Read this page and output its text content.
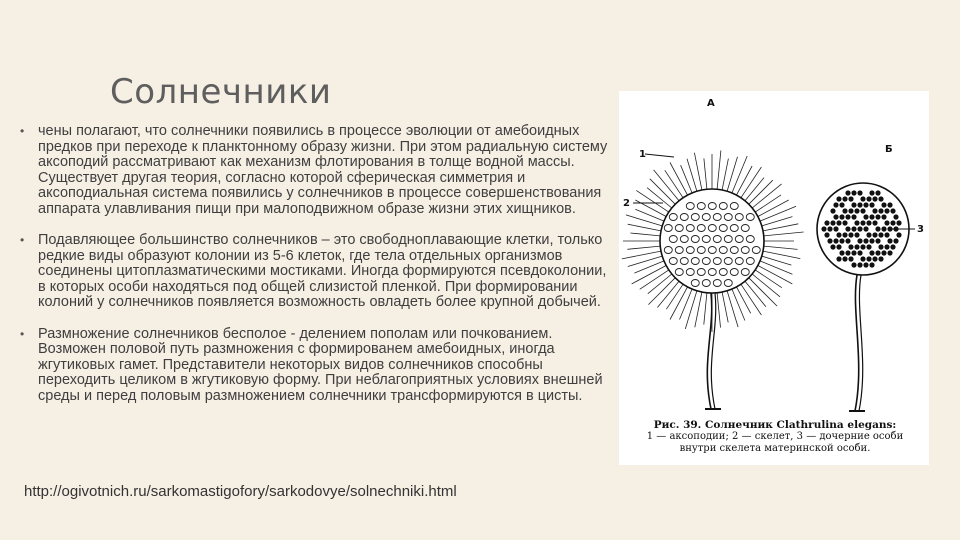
Солнечники
• чены полагают, что солнечники появились в процессе эволюции от амебоидных предков при переходе к планктонному образу жизни. При этом радиальную систему аксоподий рассматривают как механизм флотирования в толще водной массы. Существует другая теория, согласно которой сферическая симметрия и аксоподиальная система появились у солнечников в процессе совершенствования аппарата улавливания пищи при малоподвижном образе жизни этих хищников.
• Подавляющее большинство солнечников – это свободноплавающие клетки, только редкие виды образуют колонии из 5-6 клеток, где тела отдельных организмов соединены цитоплазматическими мостиками. Иногда формируются псевдоколонии, в которых особи находяться под общей слизистой пленкой. При формировании колоний у солнечников появляется возможность овладеть более крупной добычей.
• Размножение солнечников бесполое - делением пополам или почкованием. Возможен половой путь размножения с формированем амебоидных, иногда жгутиковых гамет. Представители некоторых видов солнечников способны переходить целиком в жгутиковую форму. При неблагоприятных условиях внешней среды и перед половым размножением солнечники трансформируются в цисты.
http://ogivotnich.ru/sarkomastigofory/sarkodovye/solnechniki.html
А
Б
1
2
3
Рис. 39. Солнечник Clathrulina elegans:
1 — аксоподии; 2 — скелет, 3 — дочерние особи внутри скелета материнской особи.
